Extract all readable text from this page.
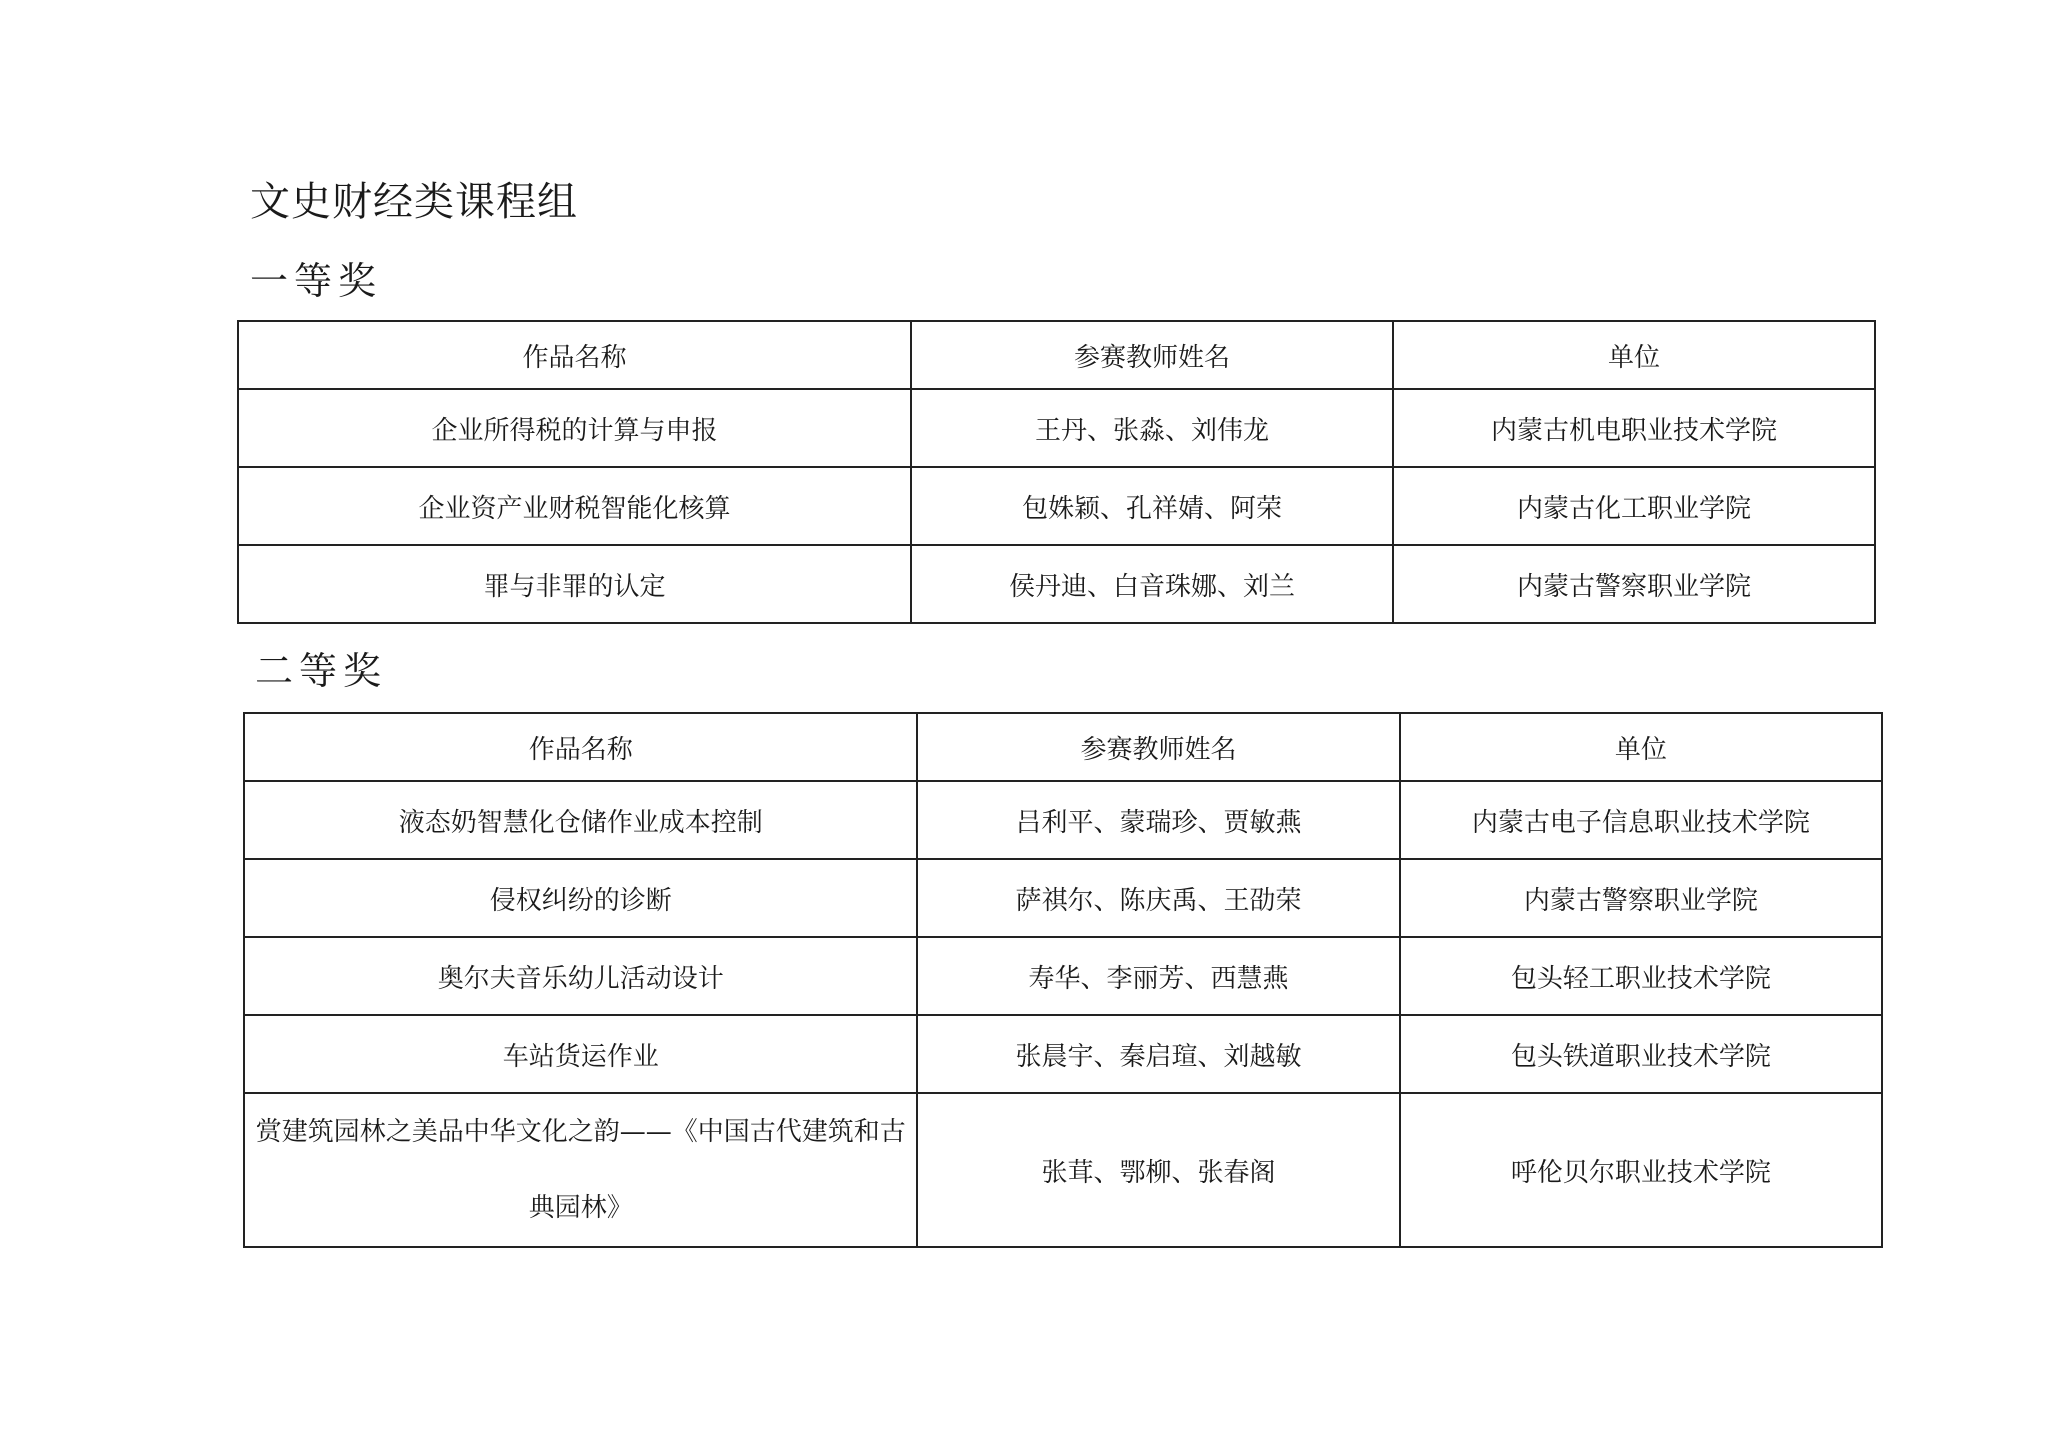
文史财经类课程组
一等奖
作品名称	参赛教师姓名	单位
企业所得税的计算与申报	王丹、张淼、刘伟龙	内蒙古机电职业技术学院
企业资产业财税智能化核算	包姝颖、孔祥婧、阿荣	内蒙古化工职业学院
罪与非罪的认定	侯丹迪、白音珠娜、刘兰	内蒙古警察职业学院
二等奖
作品名称	参赛教师姓名	单位
液态奶智慧化仓储作业成本控制	吕利平、蒙瑞珍、贾敏燕	内蒙古电子信息职业技术学院
侵权纠纷的诊断	萨祺尔、陈庆禹、王劭荣	内蒙古警察职业学院
奥尔夫音乐幼儿活动设计	寿华、李丽芳、西慧燕	包头轻工职业技术学院
车站货运作业	张晨宇、秦启瑄、刘越敏	包头铁道职业技术学院
赏建筑园林之美品中华文化之韵——《中国古代建筑和古典园林》	张茸、鄂柳、张春阁	呼伦贝尔职业技术学院
